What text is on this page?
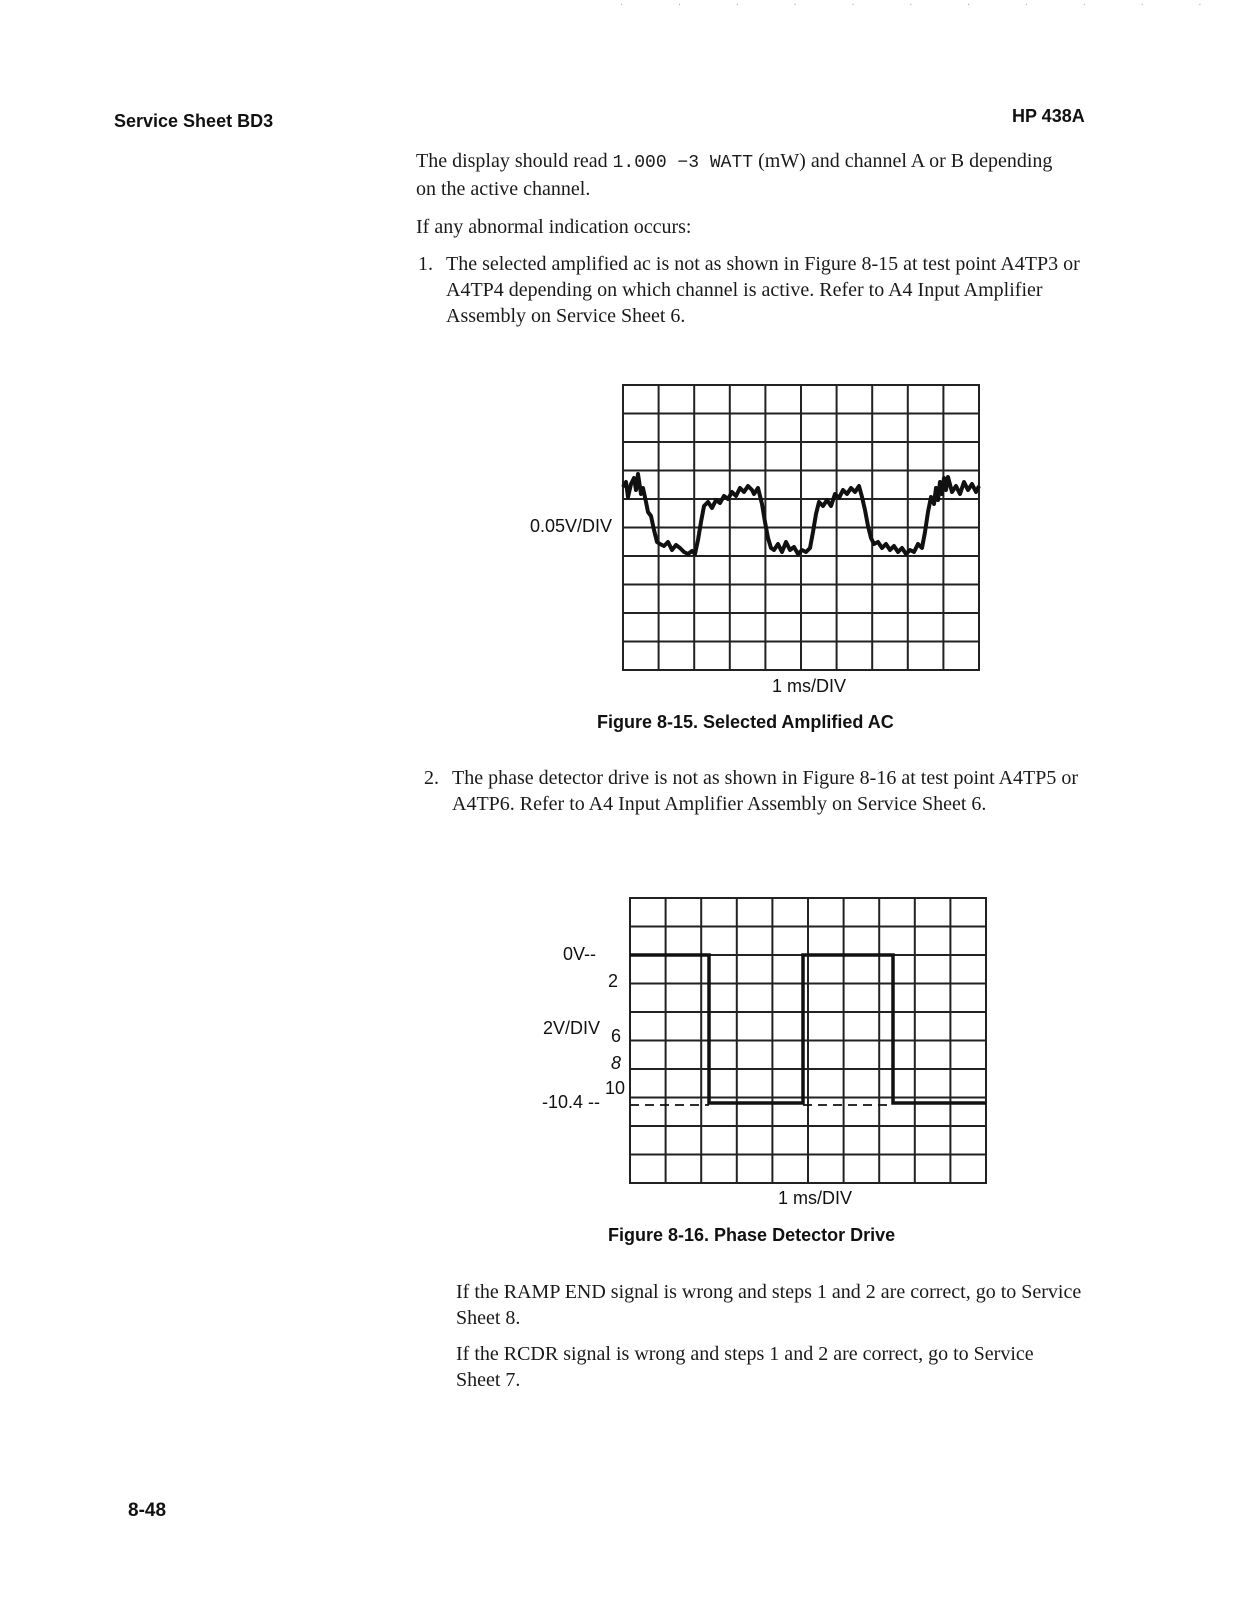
· · · · · · · · · · ·
Service Sheet BD3	HP 438A

The display should read 1.000 −3 WATT (mW) and channel A or B depending on the active channel.

If any abnormal indication occurs:

1. The selected amplified ac is not as shown in Figure 8-15 at test point A4TP3 or A4TP4 depending on which channel is active. Refer to A4 Input Amplifier Assembly on Service Sheet 6.
0.05V/DIV
1 ms/DIV
Figure 8-15. Selected Amplified AC
2. The phase detector drive is not as shown in Figure 8-16 at test point A4TP5 or A4TP6. Refer to A4 Input Amplifier Assembly on Service Sheet 6.
0V--
2
2V/DIV 6
8
10
-10.4 --
1 ms/DIV
Figure 8-16. Phase Detector Drive

If the RAMP END signal is wrong and steps 1 and 2 are correct, go to Service Sheet 8.

If the RCDR signal is wrong and steps 1 and 2 are correct, go to Service Sheet 7.

8-48
